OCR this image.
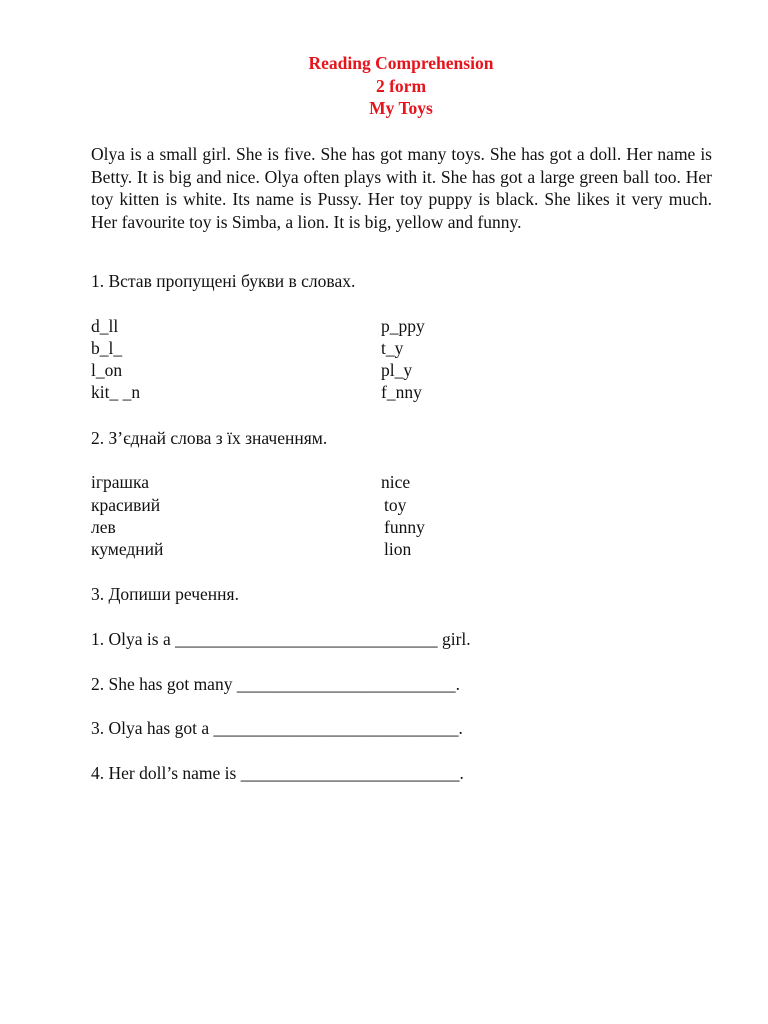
Reading Comprehension
2 form
My Toys

Olya is a small girl. She is five. She has got many toys. She has got a doll. Her name is Betty. It is big and nice. Olya often plays with it. She has got a large green ball too. Her toy kitten is white. Its name is Pussy. Her toy puppy is black. She likes it very much. Her favourite toy is Simba, a lion. It is big, yellow and funny.

1. Встав пропущені букви в словах.
d_ll
b_l_
l_on
kit_ _n
p_ppy
t_y
pl_y
f_nny
2. З’єднай слова з їх значенням.
іграшка
красивий
лев
кумедний
nice
toy
funny
lion
3. Допиши речення.
1. Olya is a ______________________________ girl.
2. She has got many _________________________.
3. Olya has got a ____________________________.
4. Her doll’s name is _________________________.
